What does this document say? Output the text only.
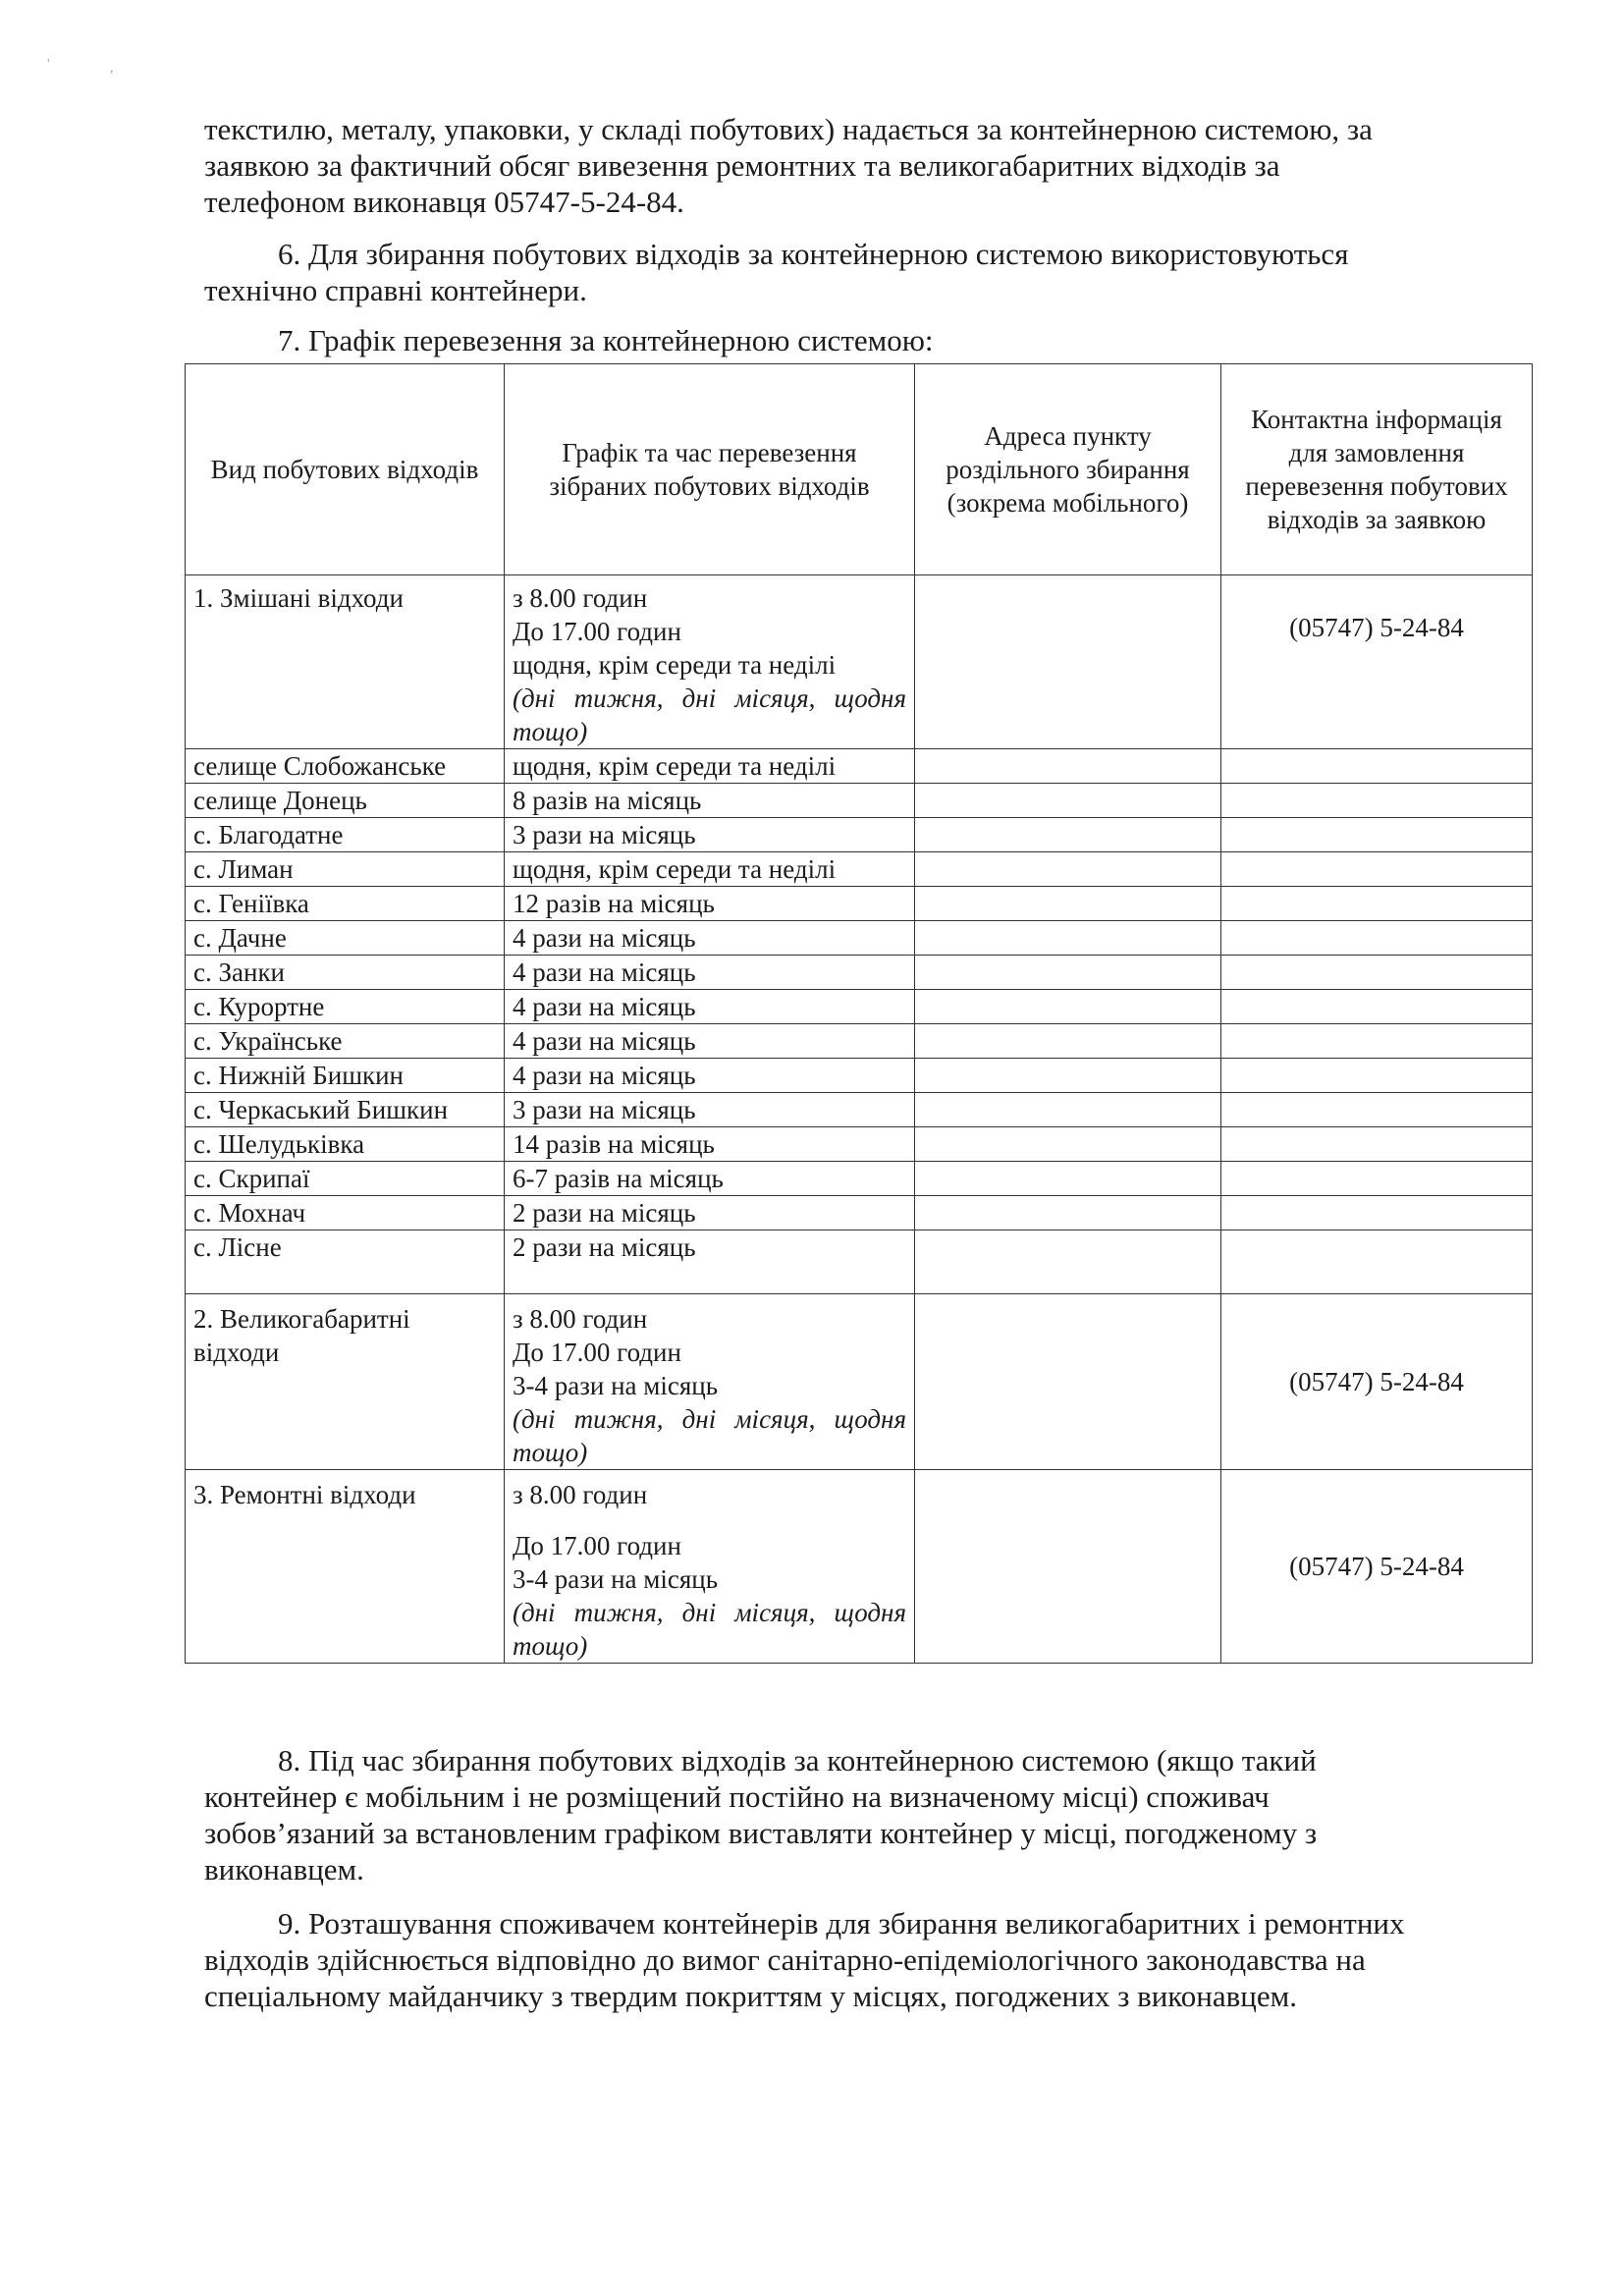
'	,
текстилю, металу, упаковки, у складі побутових) надається за контейнерною системою, за
заявкою за фактичний обсяг вивезення ремонтних та великогабаритних відходів за
телефоном виконавця 05747-5-24-84.
6. Для збирання побутових відходів за контейнерною системою використовуються
технічно справні контейнери.
7. Графік перевезення за контейнерною системою:
Вид побутових відходів	Графік та час перевезення зібраних побутових відходів	Адреса пункту роздільного збирання (зокрема мобільного)	Контактна інформація для замовлення перевезення побутових відходів за заявкою
1. Змішані відходи	з 8.00 годин
До 17.00 годин
щодня, крім середи та неділі
(дні тижня, дні місяця, щодня тощо)		(05747) 5-24-84
селище Слобожанське	щодня, крім середи та неділі		
селище Донець	8 разів на місяць		
с. Благодатне	3 рази на місяць		
с. Лиман	щодня, крім середи та неділі		
с. Геніївка	12 разів на місяць		
с. Дачне	4 рази на місяць		
с. Занки	4 рази на місяць		
с. Курортне	4 рази на місяць		
с. Українське	4 рази на місяць		
с. Нижній Бишкин	4 рази на місяць		
с. Черкаський Бишкин	3 рази на місяць		
с. Шелудьківка	14 разів на місяць		
с. Скрипаї	6-7 разів на місяць		
с. Мохнач	2 рази на місяць		
с. Лісне	2 рази на місяць		
2. Великогабаритні відходи	з 8.00 годин
До 17.00 годин
3-4 рази на місяць
(дні тижня, дні місяця, щодня тощо)		(05747) 5-24-84
3. Ремонтні відходи	з 8.00 годин
До 17.00 годин
3-4 рази на місяць
(дні тижня, дні місяця, щодня тощо)		(05747) 5-24-84
8. Під час збирання побутових відходів за контейнерною системою (якщо такий
контейнер є мобільним і не розміщений постійно на визначеному місці) споживач
зобов’язаний за встановленим графіком виставляти контейнер у місці, погодженому з
виконавцем.
9. Розташування споживачем контейнерів для збирання великогабаритних і ремонтних
відходів здійснюється відповідно до вимог санітарно-епідеміологічного законодавства на
спеціальному майданчику з твердим покриттям у місцях, погоджених з виконавцем.
